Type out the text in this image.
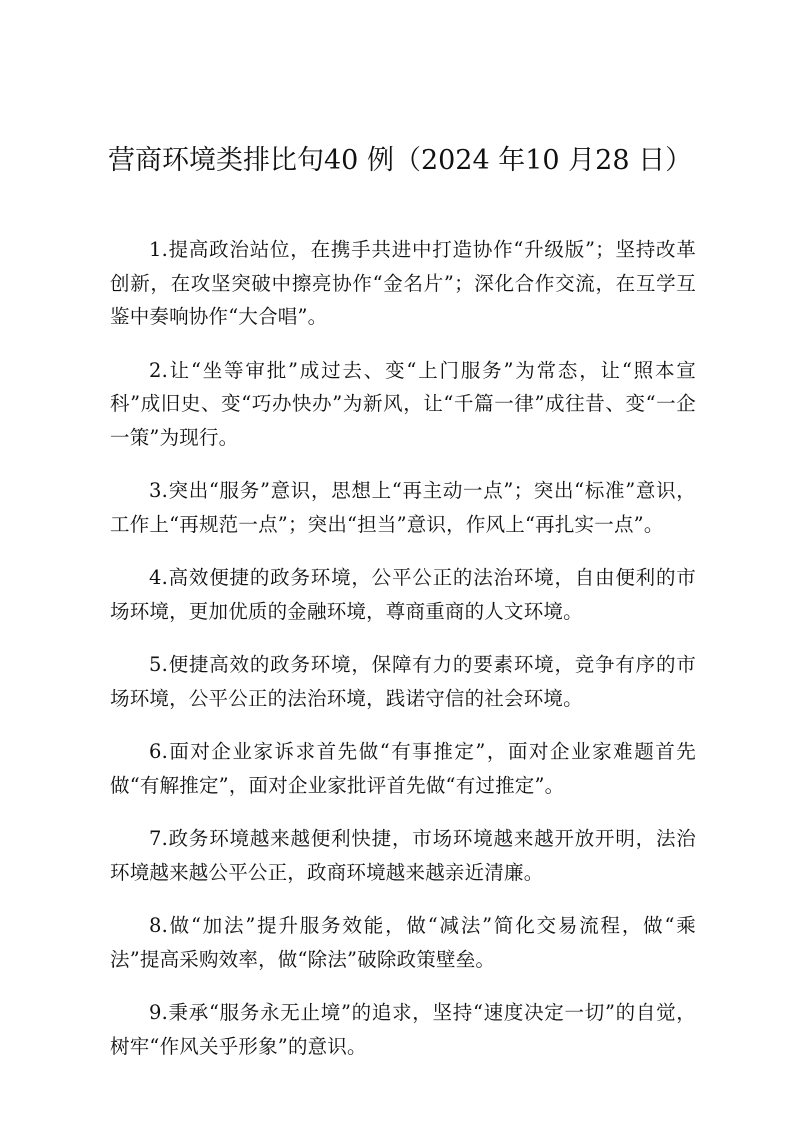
营商环境类排比句40 例（2024 年10 月28 日）

1.提高政治站位，在携手共进中打造协作“升级版”；坚持改革创新，在攻坚突破中擦亮协作“金名片”；深化合作交流，在互学互鉴中奏响协作“大合唱”。

2.让“坐等审批”成过去、变“上门服务”为常态，让“照本宣科”成旧史、变“巧办快办”为新风，让“千篇一律”成往昔、变“一企一策”为现行。

3.突出“服务”意识，思想上“再主动一点”；突出“标准”意识，工作上“再规范一点”；突出“担当”意识，作风上“再扎实一点”。

4.高效便捷的政务环境，公平公正的法治环境，自由便利的市场环境，更加优质的金融环境，尊商重商的人文环境。

5.便捷高效的政务环境，保障有力的要素环境，竞争有序的市场环境，公平公正的法治环境，践诺守信的社会环境。

6.面对企业家诉求首先做“有事推定”，面对企业家难题首先做“有解推定”，面对企业家批评首先做“有过推定”。

7.政务环境越来越便利快捷，市场环境越来越开放开明，法治环境越来越公平公正，政商环境越来越亲近清廉。

8.做“加法”提升服务效能，做“减法”简化交易流程，做“乘法”提高采购效率，做“除法”破除政策壁垒。

9.秉承“服务永无止境”的追求，坚持“速度决定一切”的自觉，树牢“作风关乎形象”的意识。
